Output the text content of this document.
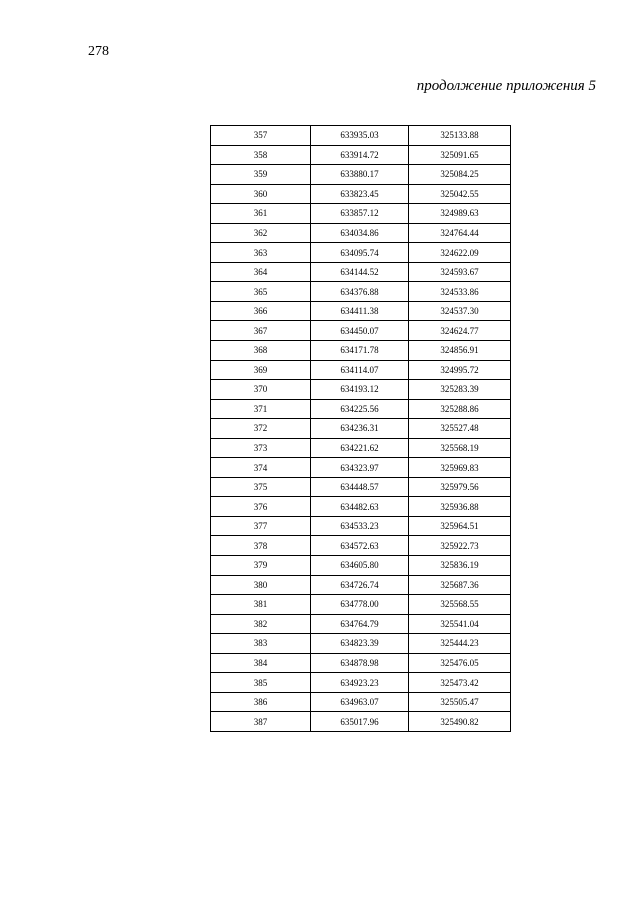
278
продолжение приложения 5
357	633935.03	325133.88
358	633914.72	325091.65
359	633880.17	325084.25
360	633823.45	325042.55
361	633857.12	324989.63
362	634034.86	324764.44
363	634095.74	324622.09
364	634144.52	324593.67
365	634376.88	324533.86
366	634411.38	324537.30
367	634450.07	324624.77
368	634171.78	324856.91
369	634114.07	324995.72
370	634193.12	325283.39
371	634225.56	325288.86
372	634236.31	325527.48
373	634221.62	325568.19
374	634323.97	325969.83
375	634448.57	325979.56
376	634482.63	325936.88
377	634533.23	325964.51
378	634572.63	325922.73
379	634605.80	325836.19
380	634726.74	325687.36
381	634778.00	325568.55
382	634764.79	325541.04
383	634823.39	325444.23
384	634878.98	325476.05
385	634923.23	325473.42
386	634963.07	325505.47
387	635017.96	325490.82
